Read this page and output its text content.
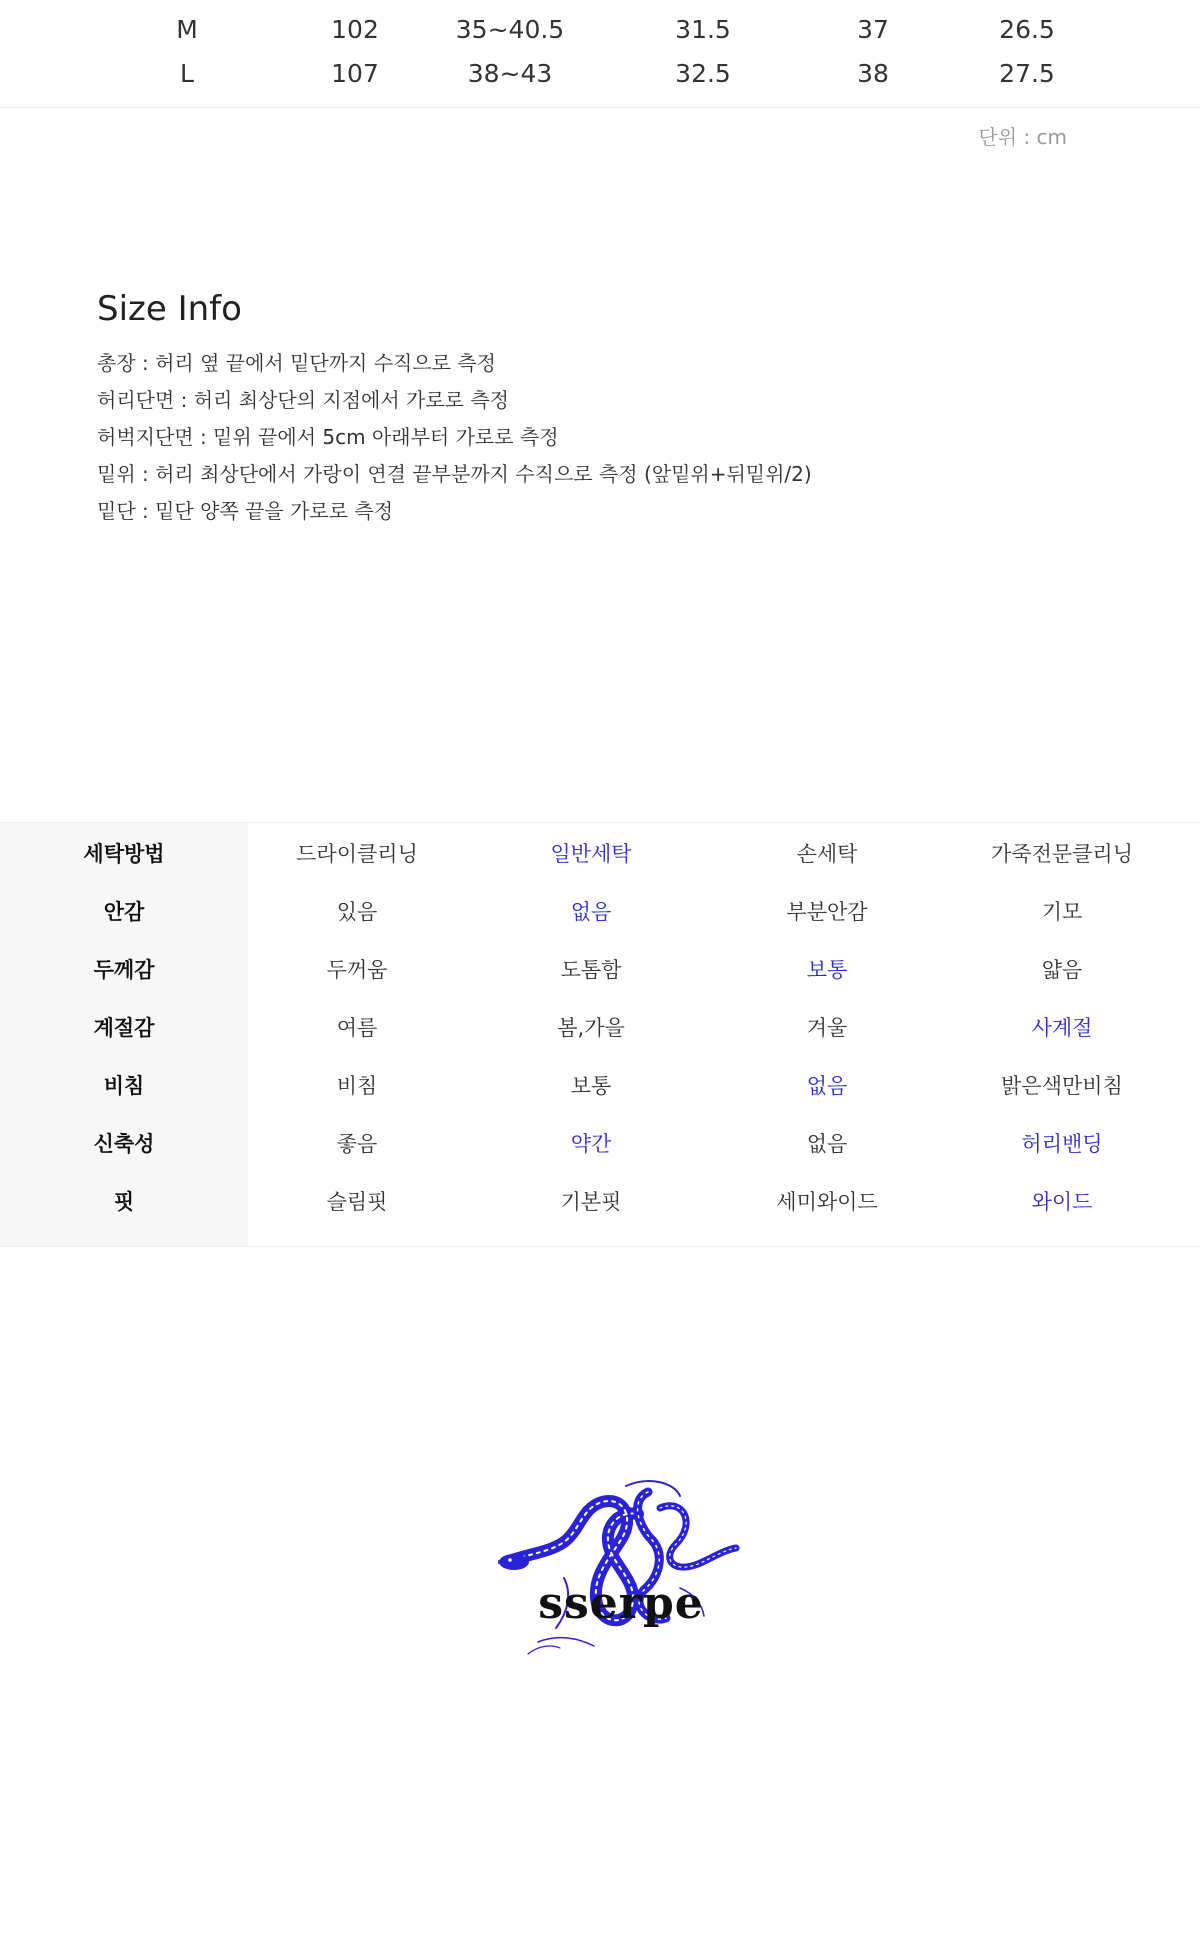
M	102	35~40.5	31.5	37	26.5
L	107	38~43	32.5	38	27.5
단위 : cm
Size Info
총장 : 허리 옆 끝에서 밑단까지 수직으로 측정
허리단면 : 허리 최상단의 지점에서 가로로 측정
허벅지단면 : 밑위 끝에서 5cm 아래부터 가로로 측정
밑위 : 허리 최상단에서 가랑이 연결 끝부분까지 수직으로 측정 (앞밑위+뒤밑위/2)
밑단 : 밑단 양쪽 끝을 가로로 측정
세탁방법	드라이클리닝	일반세탁	손세탁	가죽전문클리닝
안감	있음	없음	부분안감	기모
두께감	두꺼움	도톰함	보통	얇음
계절감	여름	봄,가을	겨울	사계절
비침	비침	보통	없음	밝은색만비침
신축성	좋음	약간	없음	허리밴딩
핏	슬림핏	기본핏	세미와이드	와이드
sserpe
